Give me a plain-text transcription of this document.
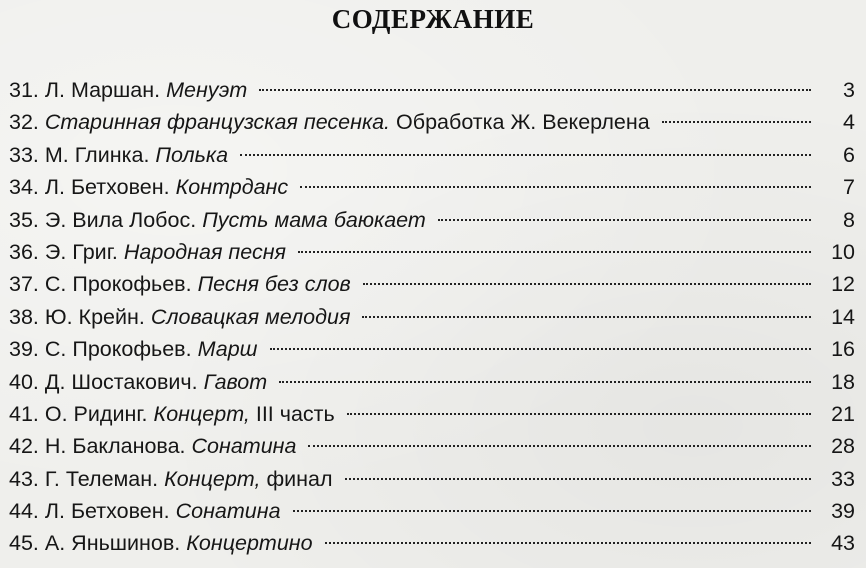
СОДЕРЖАНИЕ
31. Л. Маршан. Менуэт	3
32. Старинная французская песенка. Обработка Ж. Векерлена	4
33. М. Глинка. Полька	6
34. Л. Бетховен. Контрданс	7
35. Э. Вила Лобос. Пусть мама баюкает	8
36. Э. Григ. Народная песня	10
37. С. Прокофьев. Песня без слов	12
38. Ю. Крейн. Словацкая мелодия	14
39. С. Прокофьев. Марш	16
40. Д. Шостакович. Гавот	18
41. О. Ридинг. Концерт, III часть	21
42. Н. Бакланова. Сонатина	28
43. Г. Телеман. Концерт, финал	33
44. Л. Бетховен. Сонатина	39
45. А. Яньшинов. Концертино	43
